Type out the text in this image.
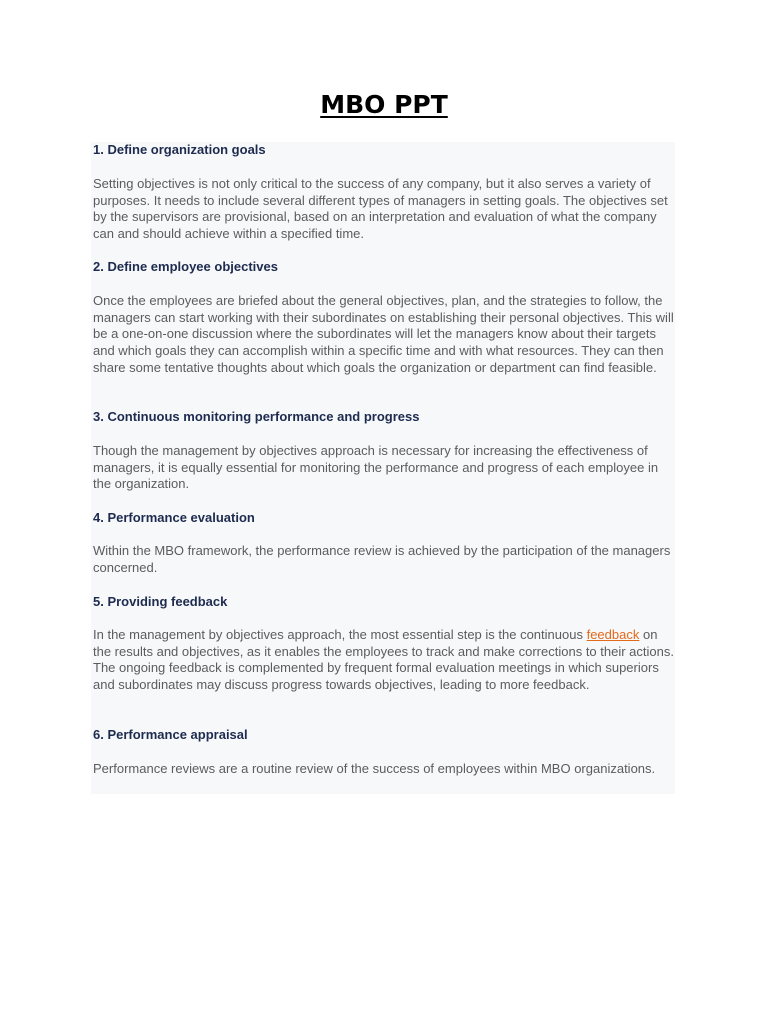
MBO PPT

1. Define organization goals

Setting objectives is not only critical to the success of any company, but it also serves a variety of purposes. It needs to include several different types of managers in setting goals. The objectives set by the supervisors are provisional, based on an interpretation and evaluation of what the company can and should achieve within a specified time.

2. Define employee objectives

Once the employees are briefed about the general objectives, plan, and the strategies to follow, the managers can start working with their subordinates on establishing their personal objectives. This will be a one-on-one discussion where the subordinates will let the managers know about their targets and which goals they can accomplish within a specific time and with what resources. They can then share some tentative thoughts about which goals the organization or department can find feasible.

3. Continuous monitoring performance and progress

Though the management by objectives approach is necessary for increasing the effectiveness of managers, it is equally essential for monitoring the performance and progress of each employee in the organization.

4. Performance evaluation

Within the MBO framework, the performance review is achieved by the participation of the managers concerned.

5. Providing feedback

In the management by objectives approach, the most essential step is the continuous feedback on the results and objectives, as it enables the employees to track and make corrections to their actions. The ongoing feedback is complemented by frequent formal evaluation meetings in which superiors and subordinates may discuss progress towards objectives, leading to more feedback.

6. Performance appraisal

Performance reviews are a routine review of the success of employees within MBO organizations.
